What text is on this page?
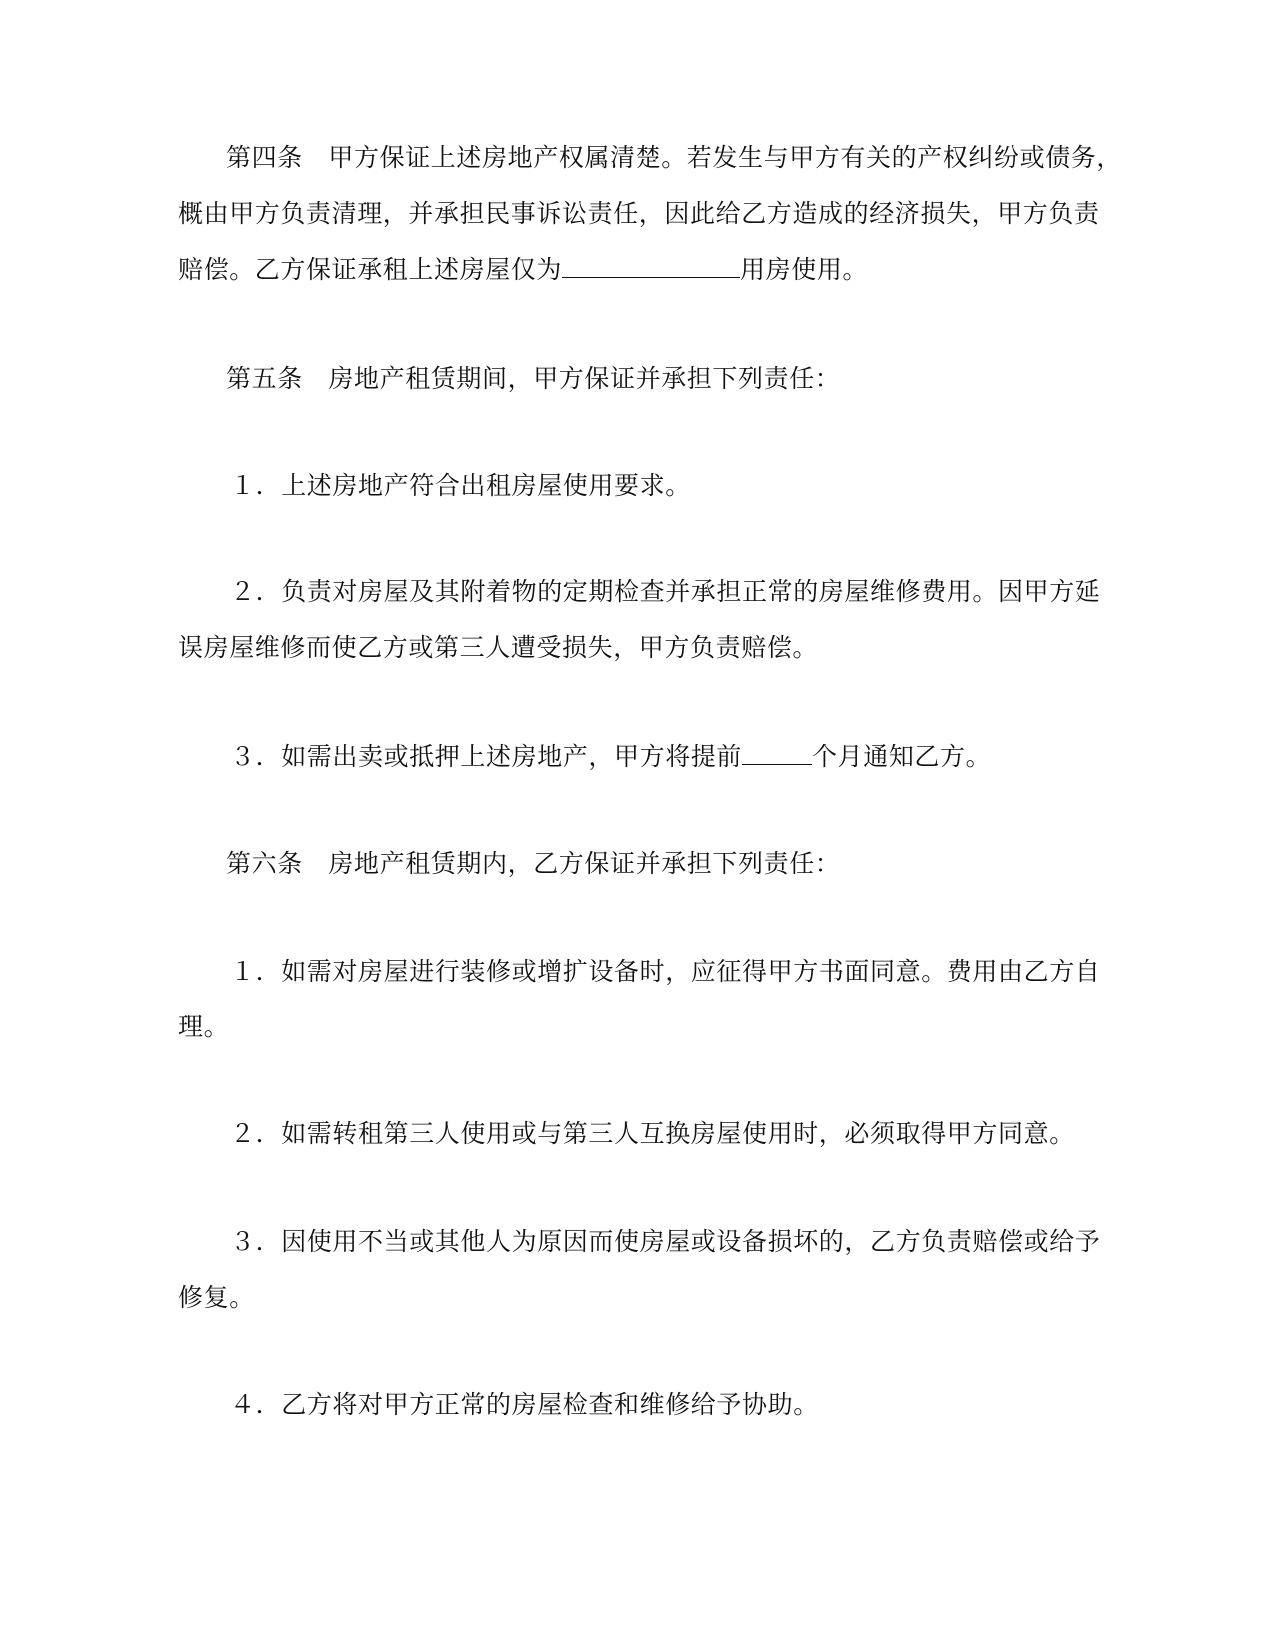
第四条　甲方保证上述房地产权属清楚。若发生与甲方有关的产权纠纷或债务，
概由甲方负责清理，并承担民事诉讼责任，因此给乙方造成的经济损失，甲方负责
赔偿。乙方保证承租上述房屋仅为	用房使用。
第五条　房地产租赁期间，甲方保证并承担下列责任：
１．上述房地产符合出租房屋使用要求。
２．负责对房屋及其附着物的定期检查并承担正常的房屋维修费用。因甲方延
误房屋维修而使乙方或第三人遭受损失，甲方负责赔偿。
３．如需出卖或抵押上述房地产，甲方将提前	个月通知乙方。
第六条　房地产租赁期内，乙方保证并承担下列责任：
１．如需对房屋进行装修或增扩设备时，应征得甲方书面同意。费用由乙方自
理。
２．如需转租第三人使用或与第三人互换房屋使用时，必须取得甲方同意。
３．因使用不当或其他人为原因而使房屋或设备损坏的，乙方负责赔偿或给予
修复。
４．乙方将对甲方正常的房屋检查和维修给予协助。
